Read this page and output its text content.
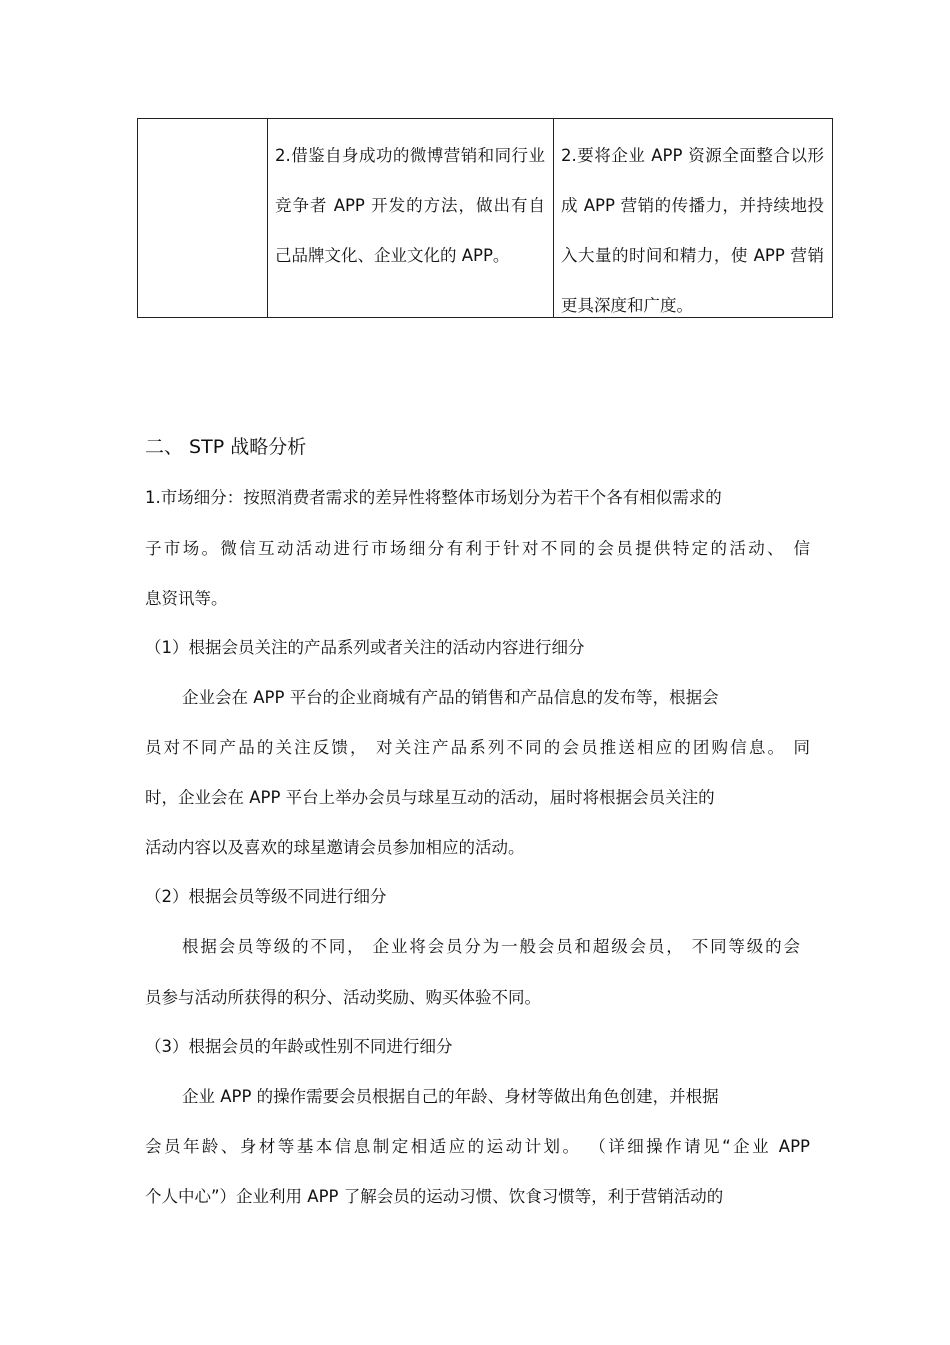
2.借鉴自身成功的微博营销和同行业竞争者 APP 开发的方法，做出有自己品牌文化、企业文化的 APP。
2.要将企业 APP 资源全面整合以形成 APP 营销的传播力，并持续地投入大量的时间和精力，使 APP 营销更具深度和广度。
二、 STP 战略分析
1.市场细分：按照消费者需求的差异性将整体市场划分为若干个各有相似需求的
子市场。微信互动活动进行市场细分有利于针对不同的会员提供特定的活动、 信
息资讯等。
（1）根据会员关注的产品系列或者关注的活动内容进行细分
企业会在 APP 平台的企业商城有产品的销售和产品信息的发布等，根据会
员对不同产品的关注反馈， 对关注产品系列不同的会员推送相应的团购信息。 同
时，企业会在 APP 平台上举办会员与球星互动的活动，届时将根据会员关注的
活动内容以及喜欢的球星邀请会员参加相应的活动。
（2）根据会员等级不同进行细分
根据会员等级的不同， 企业将会员分为一般会员和超级会员， 不同等级的会
员参与活动所获得的积分、活动奖励、购买体验不同。
（3）根据会员的年龄或性别不同进行细分
企业 APP 的操作需要会员根据自己的年龄、身材等做出角色创建，并根据
会员年龄、身材等基本信息制定相适应的运动计划。 （详细操作请见“企业 APP
个人中心”）企业利用 APP 了解会员的运动习惯、饮食习惯等，利于营销活动的
